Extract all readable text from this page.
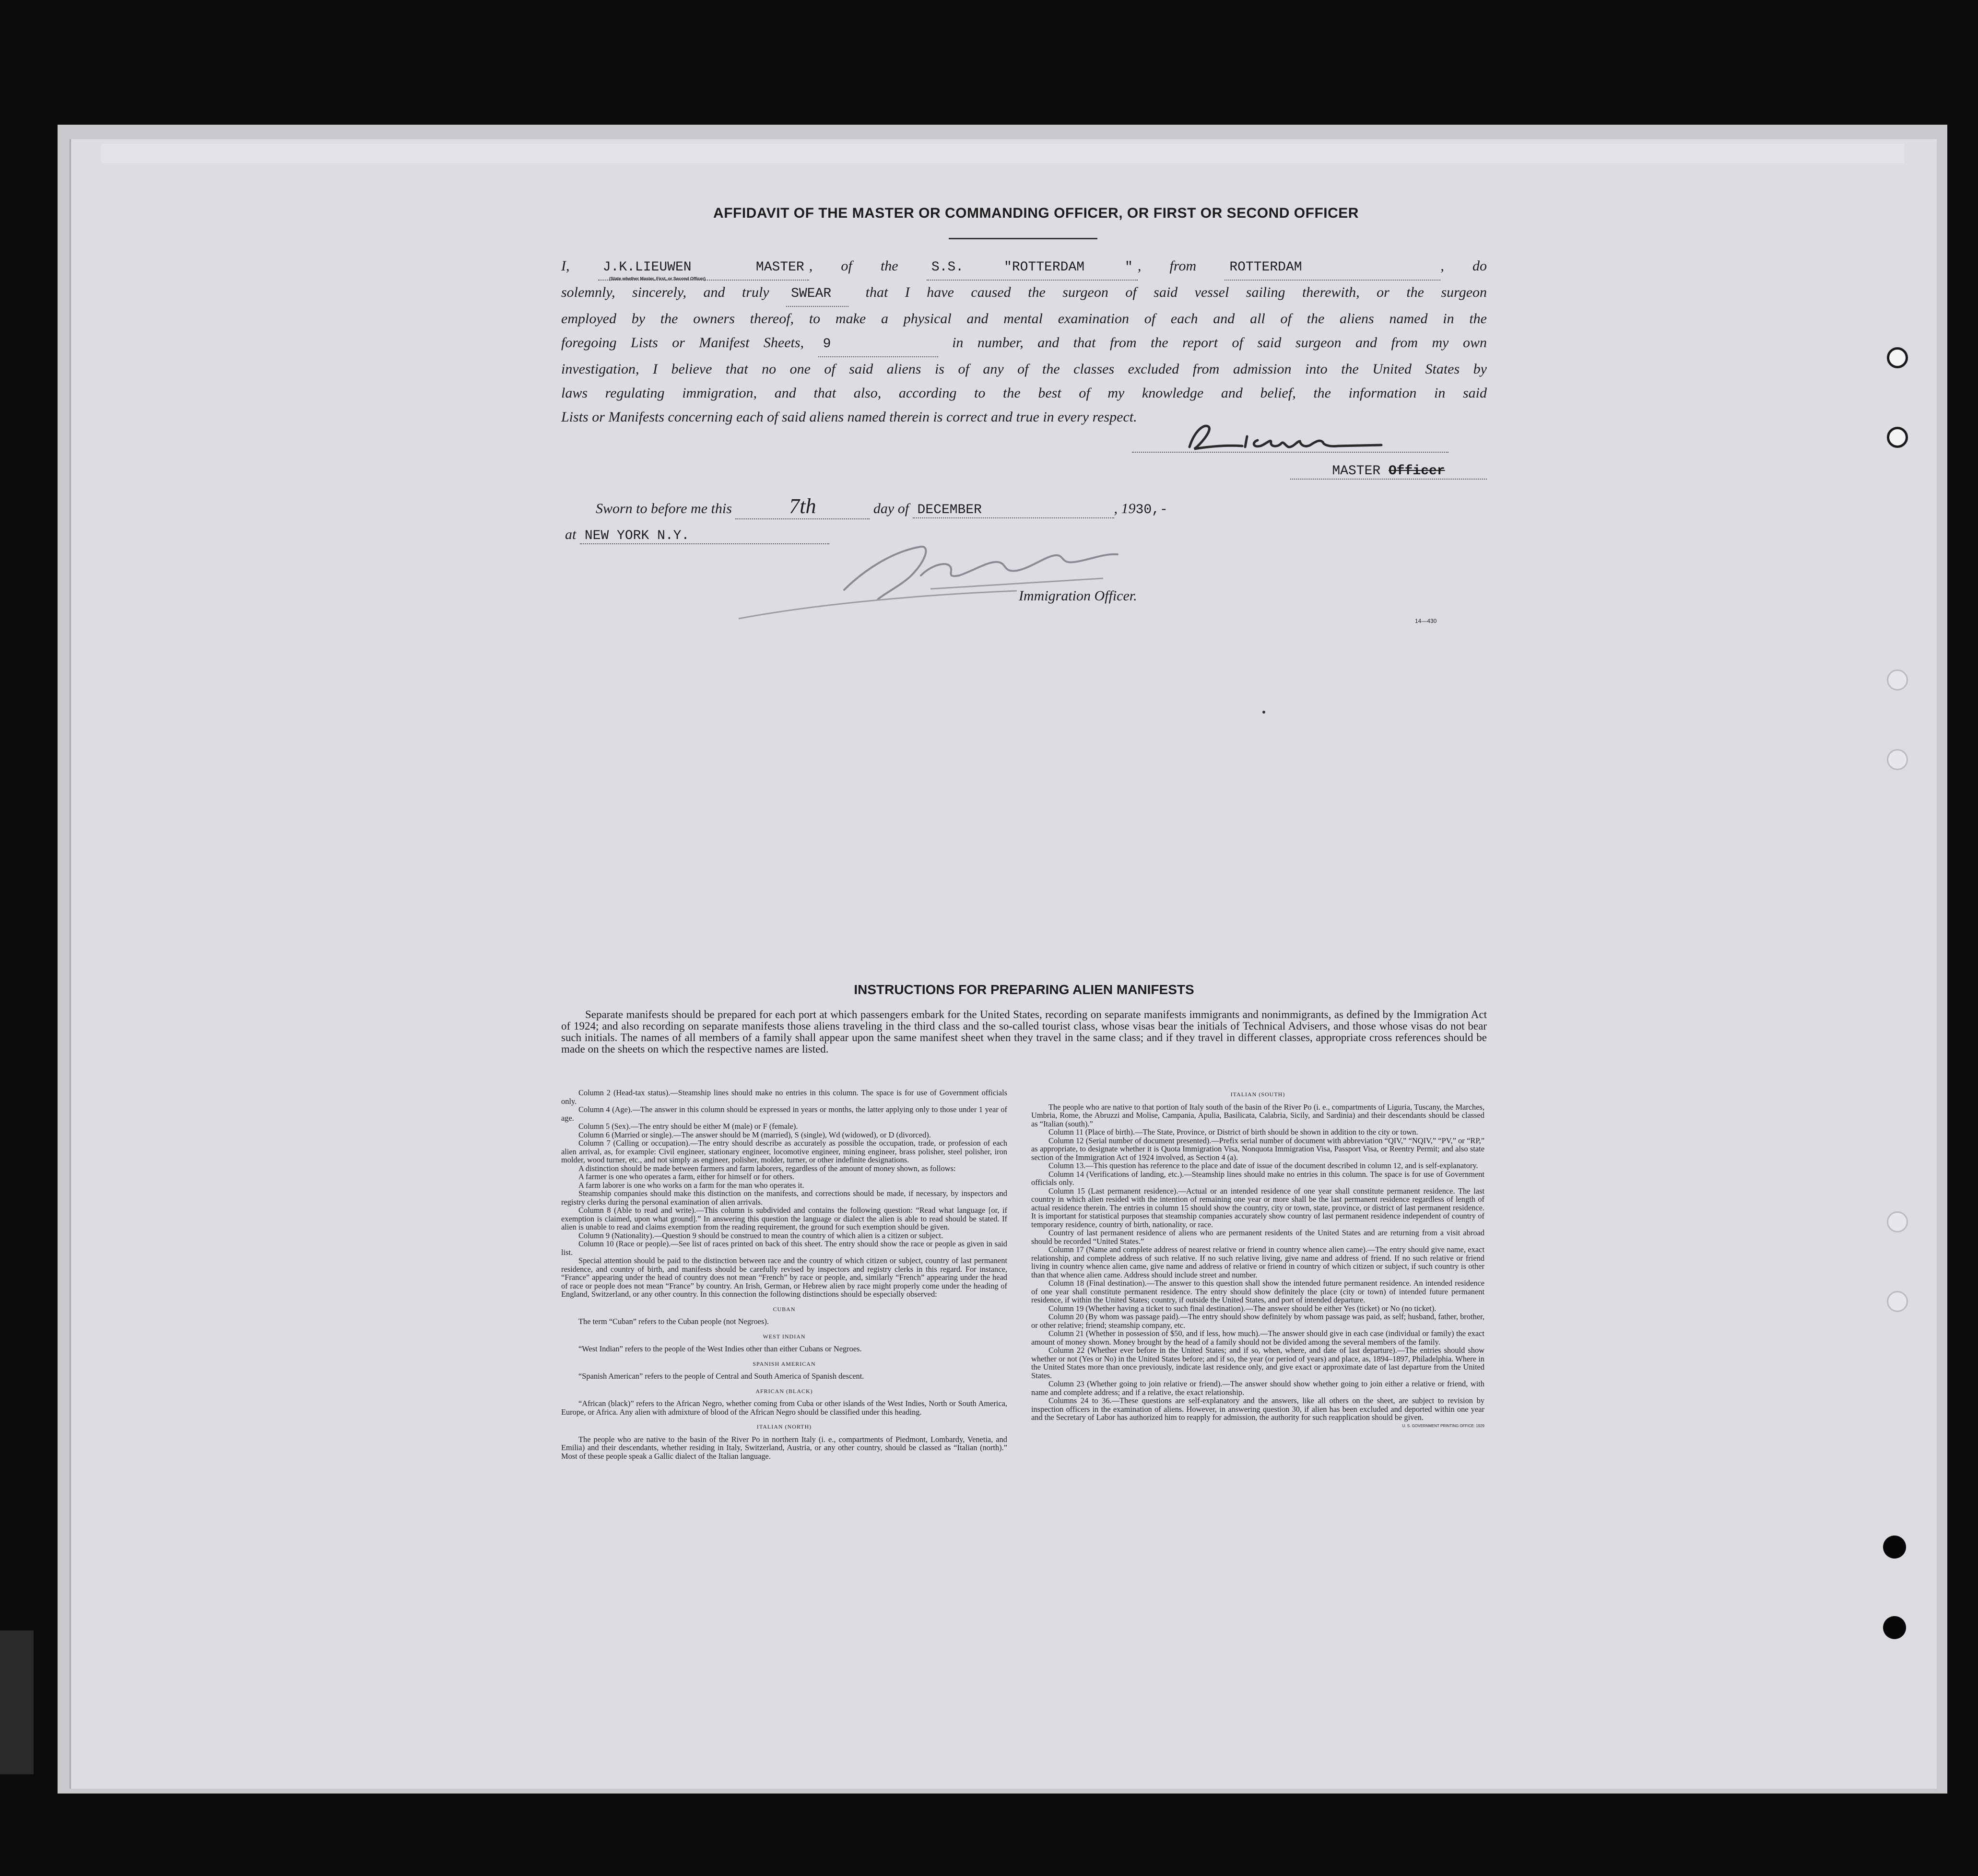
AFFIDAVIT OF THE MASTER OR COMMANDING OFFICER, OR FIRST OR SECOND OFFICER

I, J.K.LIEUWEN MASTER , of the S.S. "ROTTERDAM " , from ROTTERDAM	, do

solemnly, sincerely, and truly SWEAR that I have caused the surgeon of said vessel sailing therewith, or the surgeon

employed by the owners thereof, to make a physical and mental examination of each and all of the aliens named in the

foregoing Lists or Manifest Sheets, 9	in number, and that from the report of said surgeon and from my own

investigation, I believe that no one of said aliens is of any of the classes excluded from admission into the United States by

laws regulating immigration, and that also, according to the best of my knowledge and belief, the information in said

Lists or Manifests concerning each of said aliens named therein is correct and true in every respect.

(State whether Master, First, or Second Officer)
MASTER Officer
Sworn to before me this	7th	day of DECEMBER	, 1930,-
at NEW YORK N.Y.
Immigration Officer.
14—430
INSTRUCTIONS FOR PREPARING ALIEN MANIFESTS
Separate manifests should be prepared for each port at which passengers embark for the United States, recording on separate manifests immigrants and nonimmigrants, as defined by the Immigration Act of 1924; and also recording on separate manifests those aliens traveling in the third class and the so-called tourist class, whose visas bear the initials of Technical Advisers, and those whose visas do not bear such initials. The names of all members of a family shall appear upon the same manifest sheet when they travel in the same class; and if they travel in different classes, appropriate cross references should be made on the sheets on which the respective names are listed.

Column 2 (Head-tax status).—Steamship lines should make no entries in this column. The space is for use of Government officials only.

Column 4 (Age).—The answer in this column should be expressed in years or months, the latter applying only to those under 1 year of age.

Column 5 (Sex).—The entry should be either M (male) or F (female).

Column 6 (Married or single).—The answer should be M (married), S (single), Wd (widowed), or D (divorced).

Column 7 (Calling or occupation).—The entry should describe as accurately as possible the occupation, trade, or profession of each alien arrival, as, for example: Civil engineer, stationary engineer, locomotive engineer, mining engineer, brass polisher, steel polisher, iron molder, wood turner, etc., and not simply as engineer, polisher, molder, turner, or other indefinite designations.

A distinction should be made between farmers and farm laborers, regardless of the amount of money shown, as follows:

A farmer is one who operates a farm, either for himself or for others.

A farm laborer is one who works on a farm for the man who operates it.

Steamship companies should make this distinction on the manifests, and corrections should be made, if necessary, by inspectors and registry clerks during the personal examination of alien arrivals.

Column 8 (Able to read and write).—This column is subdivided and contains the following question: “Read what language [or, if exemption is claimed, upon what ground].” In answering this question the language or dialect the alien is able to read should be stated. If alien is unable to read and claims exemption from the reading requirement, the ground for such exemption should be given.

Column 9 (Nationality).—Question 9 should be construed to mean the country of which alien is a citizen or subject.

Column 10 (Race or people).—See list of races printed on back of this sheet. The entry should show the race or people as given in said list.

Special attention should be paid to the distinction between race and the country of which citizen or subject, country of last permanent residence, and country of birth, and manifests should be carefully revised by inspectors and registry clerks in this regard. For instance, “France” appearing under the head of country does not mean “French” by race or people, and, similarly “French” appearing under the head of race or people does not mean “France” by country. An Irish, German, or Hebrew alien by race might properly come under the heading of England, Switzerland, or any other country. In this connection the following distinctions should be especially observed:

CUBAN

The term “Cuban” refers to the Cuban people (not Negroes).

WEST INDIAN

“West Indian” refers to the people of the West Indies other than either Cubans or Negroes.

SPANISH AMERICAN

“Spanish American” refers to the people of Central and South America of Spanish descent.

AFRICAN (BLACK)

“African (black)” refers to the African Negro, whether coming from Cuba or other islands of the West Indies, North or South America, Europe, or Africa. Any alien with admixture of blood of the African Negro should be classified under this heading.

ITALIAN (NORTH)

The people who are native to the basin of the River Po in northern Italy (i. e., compartments of Piedmont, Lombardy, Venetia, and Emilia) and their descendants, whether residing in Italy, Switzerland, Austria, or any other country, should be classed as “Italian (north).” Most of these people speak a Gallic dialect of the Italian language.

ITALIAN (SOUTH)

The people who are native to that portion of Italy south of the basin of the River Po (i. e., compartments of Liguria, Tuscany, the Marches, Umbria, Rome, the Abruzzi and Molise, Campania, Apulia, Basilicata, Calabria, Sicily, and Sardinia) and their descendants should be classed as “Italian (south).”

Column 11 (Place of birth).—The State, Province, or District of birth should be shown in addition to the city or town.

Column 12 (Serial number of document presented).—Prefix serial number of document with abbreviation “QIV,” “NQIV,” “PV,” or “RP,” as appropriate, to designate whether it is Quota Immigration Visa, Nonquota Immigration Visa, Passport Visa, or Reentry Permit; and also state section of the Immigration Act of 1924 involved, as Section 4 (a).

Column 13.—This question has reference to the place and date of issue of the document described in column 12, and is self-explanatory.

Column 14 (Verifications of landing, etc.).—Steamship lines should make no entries in this column. The space is for use of Government officials only.

Column 15 (Last permanent residence).—Actual or an intended residence of one year shall constitute permanent residence. The last country in which alien resided with the intention of remaining one year or more shall be the last permanent residence regardless of length of actual residence therein. The entries in column 15 should show the country, city or town, state, province, or district of last permanent residence. It is important for statistical purposes that steamship companies accurately show country of last permanent residence independent of country of temporary residence, country of birth, nationality, or race.

Country of last permanent residence of aliens who are permanent residents of the United States and are returning from a visit abroad should be recorded “United States.”

Column 17 (Name and complete address of nearest relative or friend in country whence alien came).—The entry should give name, exact relationship, and complete address of such relative. If no such relative living, give name and address of friend. If no such relative or friend living in country whence alien came, give name and address of relative or friend in country of which citizen or subject, if such country is other than that whence alien came. Address should include street and number.

Column 18 (Final destination).—The answer to this question shall show the intended future permanent residence. An intended residence of one year shall constitute permanent residence. The entry should show definitely the place (city or town) of intended future permanent residence, if within the United States; country, if outside the United States, and port of intended departure.

Column 19 (Whether having a ticket to such final destination).—The answer should be either Yes (ticket) or No (no ticket).

Column 20 (By whom was passage paid).—The entry should show definitely by whom passage was paid, as self; husband, father, brother, or other relative; friend; steamship company, etc.

Column 21 (Whether in possession of $50, and if less, how much).—The answer should give in each case (individual or family) the exact amount of money shown. Money brought by the head of a family should not be divided among the several members of the family.

Column 22 (Whether ever before in the United States; and if so, when, where, and date of last departure).—The entries should show whether or not (Yes or No) in the United States before; and if so, the year (or period of years) and place, as, 1894–1897, Philadelphia. Where in the United States more than once previously, indicate last residence only, and give exact or approximate date of last departure from the United States.

Column 23 (Whether going to join relative or friend).—The answer should show whether going to join either a relative or friend, with name and complete address; and if a relative, the exact relationship.

Columns 24 to 36.—These questions are self-explanatory and the answers, like all others on the sheet, are subject to revision by inspection officers in the examination of aliens. However, in answering question 30, if alien has been excluded and deported within one year and the Secretary of Labor has authorized him to reapply for admission, the authority for such reapplication should be given.
U. S. GOVERNMENT PRINTING OFFICE: 1929
